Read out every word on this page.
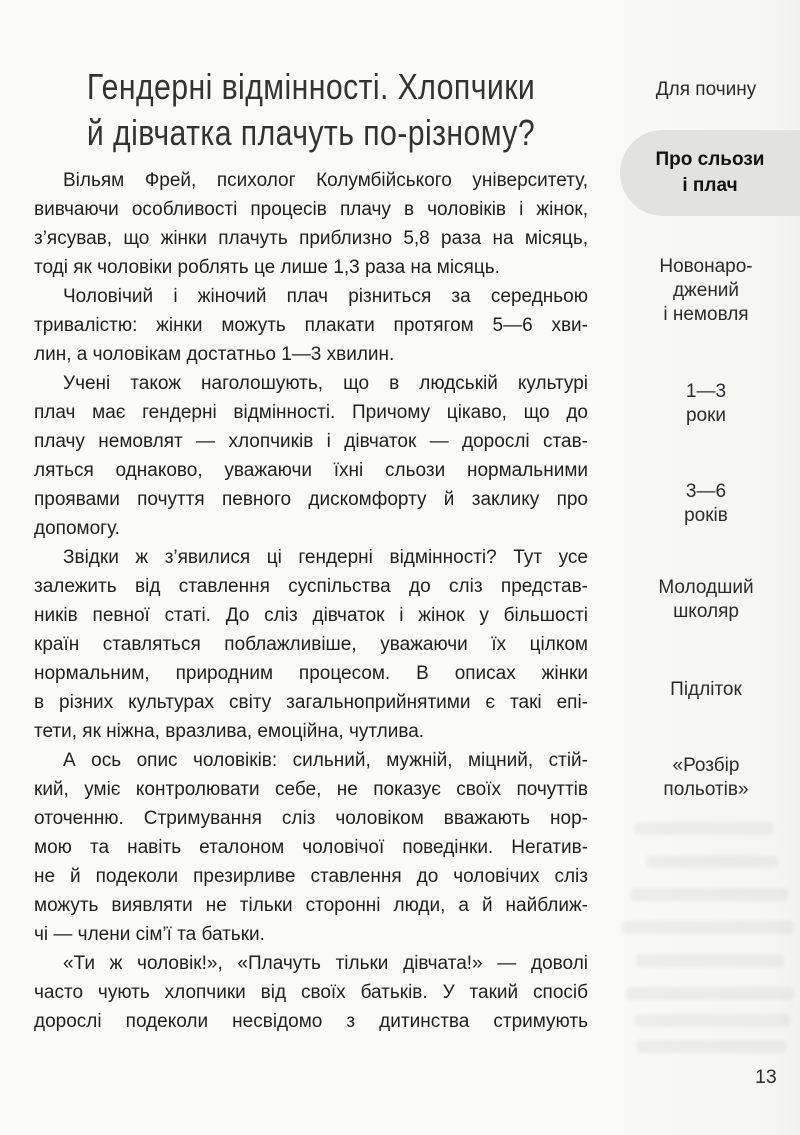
Гендерні відмінності. Хлопчики
й дівчатка плачуть по-різному?

Вільям Фрей, психолог Колумбійського університету,
вивчаючи особливості процесів плачу в чоловіків і жінок,
з’ясував, що жінки плачуть приблизно 5,8 раза на місяць,
тоді як чоловіки роблять це лише 1,3 раза на місяць.

Чоловічий і жіночий плач різниться за середньою
тривалістю: жінки можуть плакати протягом 5—6 хви-
лин, а чоловікам достатньо 1—3 хвилин.

Учені також наголошують, що в людській культурі
плач має гендерні відмінності. Причому цікаво, що до
плачу немовлят — хлопчиків і дівчаток — дорослі став-
ляться однаково, уважаючи їхні сльози нормальними
проявами почуття певного дискомфорту й заклику про
допомогу.

Звідки ж з’явилися ці гендерні відмінності? Тут усе
залежить від ставлення суспільства до сліз представ-
ників певної статі. До сліз дівчаток і жінок у більшості
країн ставляться поблажливіше, уважаючи їх цілком
нормальним, природним процесом. В описах жінки
в різних культурах світу загальноприйнятими є такі епі-
тети, як ніжна, вразлива, емоційна, чутлива.

А ось опис чоловіків: сильний, мужній, міцний, стій-
кий, уміє контролювати себе, не показує своїх почуттів
оточенню. Стримування сліз чоловіком вважають нор-
мою та навіть еталоном чоловічої поведінки. Негатив-
не й подеколи презирливе ставлення до чоловічих сліз
можуть виявляти не тільки сторонні люди, а й найближ-
чі — члени сім’ї та батьки.

«Ти ж чоловік!», «Плачуть тільки дівчата!» — доволі
часто чують хлопчики від своїх батьків. У такий спосіб
дорослі подеколи несвідомо з дитинства стримують

Для почину
Про сльози
і плач
Новонаро-
джений
і немовля
1—3
роки
3—6
років
Молодший
школяр
Підліток
«Розбір
польотів»
13
